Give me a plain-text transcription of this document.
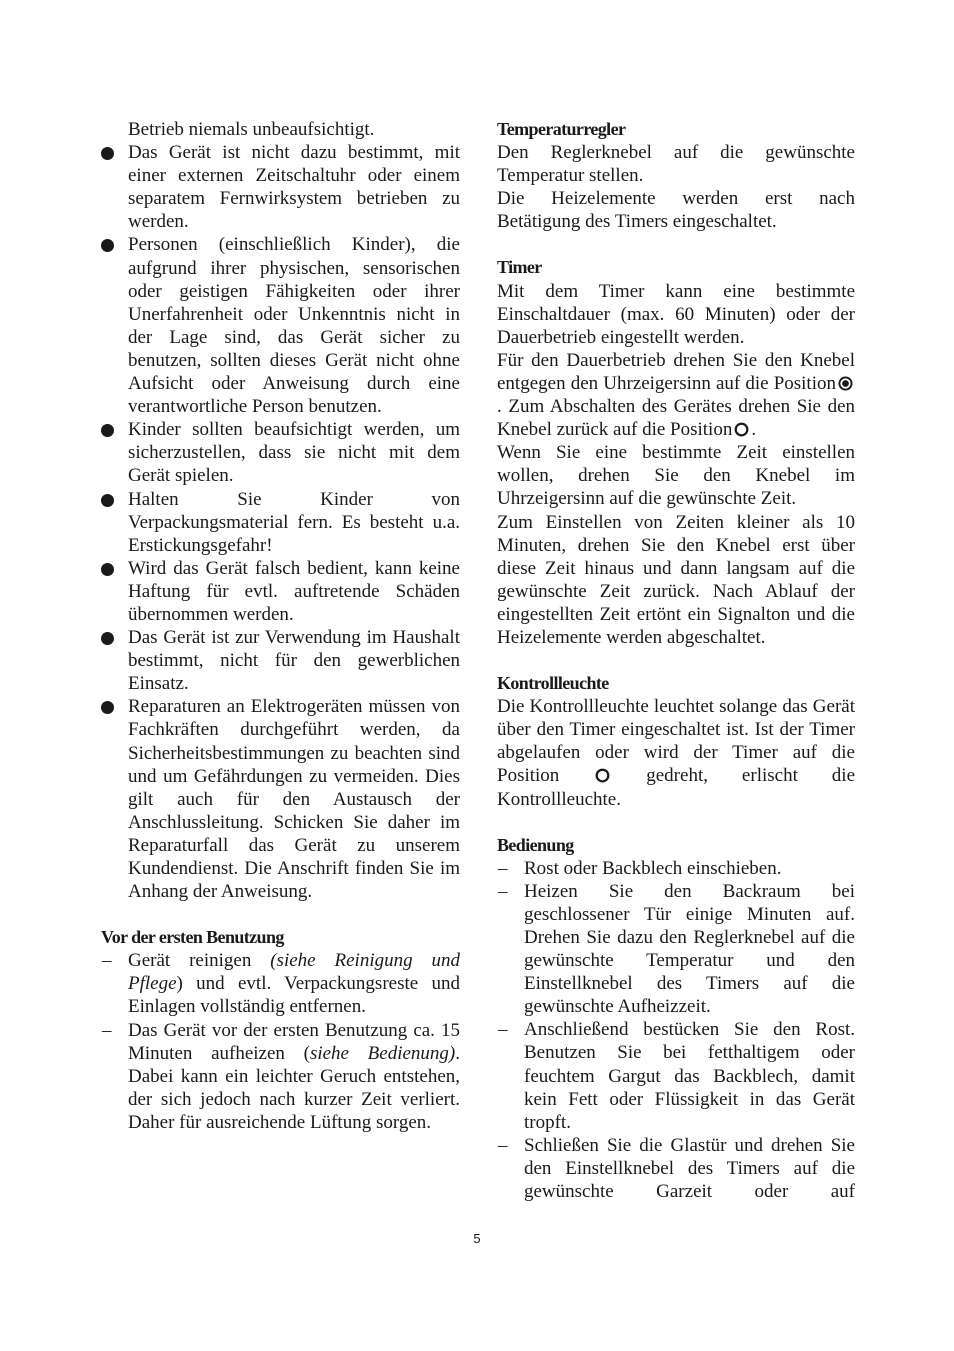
Betrieb niemals unbeaufsichtigt.

Das Gerät ist nicht dazu bestimmt, mit einer externen Zeitschaltuhr oder einem separatem Fernwirksystem betrieben zu werden.
Personen (einschließlich Kinder), die aufgrund ihrer physischen, sensorischen oder geistigen Fähigkeiten oder ihrer Unerfahrenheit oder Unkenntnis nicht in der Lage sind, das Gerät sicher zu benutzen, sollten dieses Gerät nicht ohne Aufsicht oder Anweisung durch eine verantwortliche Person benutzen.
Kinder sollten beaufsichtigt werden, um sicherzustellen, dass sie nicht mit dem Gerät spielen.
Halten Sie Kinder von Verpackungsmaterial fern. Es besteht u.a. Erstickungsgefahr!
Wird das Gerät falsch bedient, kann keine Haftung für evtl. auftretende Schäden übernommen werden.
Das Gerät ist zur Verwendung im Haushalt bestimmt, nicht für den gewerblichen Einsatz.
Reparaturen an Elektrogeräten müssen von Fachkräften durchgeführt werden, da Sicherheitsbestimmungen zu beachten sind und um Gefährdungen zu vermeiden. Dies gilt auch für den Austausch der Anschlussleitung. Schicken Sie daher im Reparaturfall das Gerät zu unserem Kundendienst. Die Anschrift finden Sie im Anhang der Anweisung.

Vor der ersten Benutzung

– Gerät reinigen (siehe Reinigung und Pflege) und evtl. Verpackungsreste und Einlagen vollständig entfernen.
– Das Gerät vor der ersten Benutzung ca. 15 Minuten aufheizen (siehe Bedienung). Dabei kann ein leichter Geruch entstehen, der sich jedoch nach kurzer Zeit verliert. Daher für ausreichende Lüftung sorgen.

Temperaturregler

Den Reglerknebel auf die gewünschte Temperatur stellen.

Die Heizelemente werden erst nach Betätigung des Timers eingeschaltet.

Timer

Mit dem Timer kann eine bestimmte Einschaltdauer (max. 60 Minuten) oder der Dauerbetrieb eingestellt werden.

Für den Dauerbetrieb drehen Sie den Knebel entgegen den Uhrzeigersinn auf die Position. Zum Abschalten des Gerätes drehen Sie den Knebel zurück auf die Position .

Wenn Sie eine bestimmte Zeit einstellen wollen, drehen Sie den Knebel im Uhrzeigersinn auf die gewünschte Zeit.

Zum Einstellen von Zeiten kleiner als 10 Minuten, drehen Sie den Knebel erst über diese Zeit hinaus und dann langsam auf die gewünschte Zeit zurück. Nach Ablauf der eingestellten Zeit ertönt ein Signalton und die Heizelemente werden abgeschaltet.

Kontrollleuchte

Die Kontrollleuchte leuchtet solange das Gerät über den Timer eingeschaltet ist. Ist der Timer abgelaufen oder wird der Timer auf die Position	gedreht, erlischt die Kontrollleuchte.

Bedienung

– Rost oder Backblech einschieben.
– Heizen Sie den Backraum bei geschlossener Tür einige Minuten auf. Drehen Sie dazu den Reglerknebel auf die gewünschte Temperatur und den Einstellknebel des Timers auf die gewünschte Aufheizzeit.
– Anschließend bestücken Sie den Rost. Benutzen Sie bei fetthaltigem oder feuchtem Gargut das Backblech, damit kein Fett oder Flüssigkeit in das Gerät tropft.
– Schließen Sie die Glastür und drehen Sie den Einstellknebel des Timers auf die gewünschte Garzeit oder auf
5
